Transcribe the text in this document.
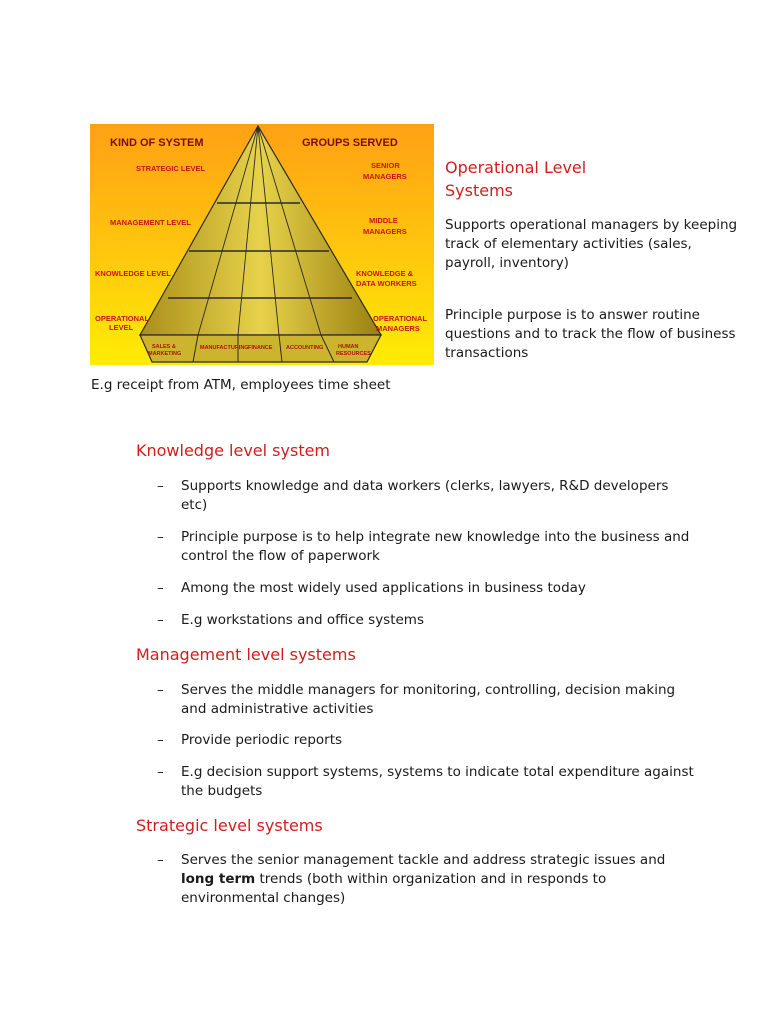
KIND OF SYSTEM	GROUPS SERVED
STRATEGIC LEVEL
MANAGEMENT LEVEL
KNOWLEDGE LEVEL
OPERATIONAL
LEVEL
SENIOR
MANAGERS
MIDDLE
MANAGERS
KNOWLEDGE &
DATA WORKERS
OPERATIONAL
MANAGERS
SALES &
MARKETING
MANUFACTURING FINANCE ACCOUNTING	HUMAN
RESOURCES
Operational Level
Systems
Supports operational managers by keeping track of elementary activities (sales, payroll, inventory)
Principle purpose is to answer routine questions and to track the flow of business transactions
E.g receipt from ATM, employees time sheet
Knowledge level system
– Supports knowledge and data workers (clerks, lawyers, R&D developers etc)
– Principle purpose is to help integrate new knowledge into the business and control the flow of paperwork
– Among the most widely used applications in business today
– E.g workstations and office systems
Management level systems
– Serves the middle managers for monitoring, controlling, decision making and administrative activities
– Provide periodic reports
– E.g decision support systems, systems to indicate total expenditure against the budgets
Strategic level systems
– Serves the senior management tackle and address strategic issues and
long term trends (both within organization and in responds to environmental changes)
